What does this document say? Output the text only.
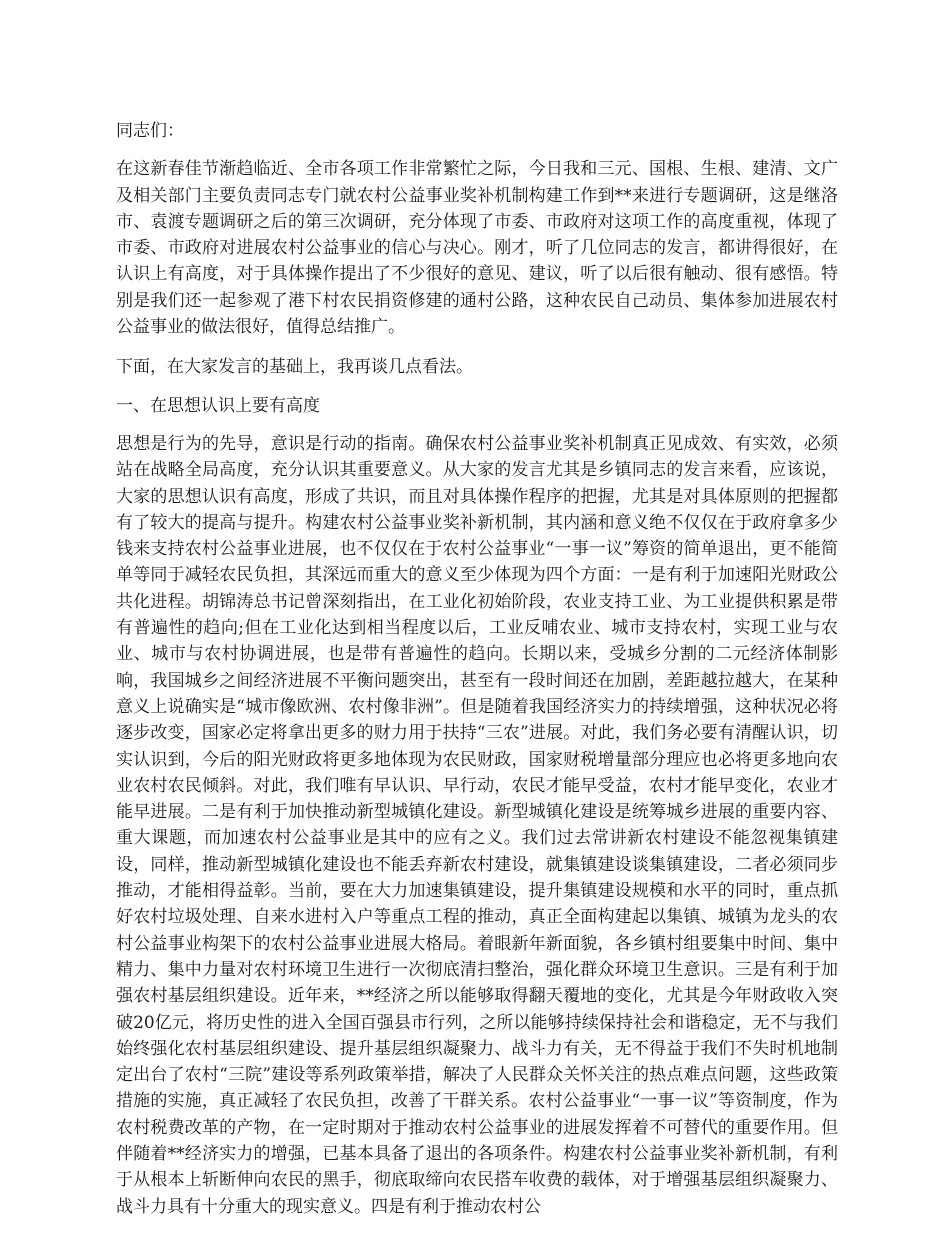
同志们：

在这新春佳节渐趋临近、全市各项工作非常繁忙之际，今日我和三元、国根、生根、建清、文广及相关部门主要负责同志专门就农村公益事业奖补机制构建工作到**来进行专题调研，这是继洛市、袁渡专题调研之后的第三次调研，充分体现了市委、市政府对这项工作的高度重视，体现了市委、市政府对进展农村公益事业的信心与决心。刚才，听了几位同志的发言，都讲得很好，在认识上有高度，对于具体操作提出了不少很好的意见、建议，听了以后很有触动、很有感悟。特别是我们还一起参观了港下村农民捐资修建的通村公路，这种农民自己动员、集体参加进展农村公益事业的做法很好，值得总结推广。

下面，在大家发言的基础上，我再谈几点看法。

一、在思想认识上要有高度

思想是行为的先导，意识是行动的指南。确保农村公益事业奖补机制真正见成效、有实效，必须站在战略全局高度，充分认识其重要意义。从大家的发言尤其是乡镇同志的发言来看，应该说，大家的思想认识有高度，形成了共识，而且对具体操作程序的把握，尤其是对具体原则的把握都有了较大的提高与提升。构建农村公益事业奖补新机制，其内涵和意义绝不仅仅在于政府拿多少钱来支持农村公益事业进展，也不仅仅在于农村公益事业“一事一议”筹资的简单退出，更不能简单等同于减轻农民负担，其深远而重大的意义至少体现为四个方面：一是有利于加速阳光财政公共化进程。胡锦涛总书记曾深刻指出，在工业化初始阶段，农业支持工业、为工业提供积累是带有普遍性的趋向;但在工业化达到相当程度以后，工业反哺农业、城市支持农村，实现工业与农业、城市与农村协调进展，也是带有普遍性的趋向。长期以来，受城乡分割的二元经济体制影响，我国城乡之间经济进展不平衡问题突出，甚至有一段时间还在加剧，差距越拉越大，在某种意义上说确实是“城市像欧洲、农村像非洲”。但是随着我国经济实力的持续增强，这种状况必将逐步改变，国家必定将拿出更多的财力用于扶持“三农”进展。对此，我们务必要有清醒认识，切实认识到，今后的阳光财政将更多地体现为农民财政，国家财税增量部分理应也必将更多地向农业农村农民倾斜。对此，我们唯有早认识、早行动，农民才能早受益，农村才能早变化，农业才能早进展。二是有利于加快推动新型城镇化建设。新型城镇化建设是统筹城乡进展的重要内容、重大课题，而加速农村公益事业是其中的应有之义。我们过去常讲新农村建设不能忽视集镇建设，同样，推动新型城镇化建设也不能丢弃新农村建设，就集镇建设谈集镇建设，二者必须同步推动，才能相得益彰。当前，要在大力加速集镇建设，提升集镇建设规模和水平的同时，重点抓好农村垃圾处理、自来水进村入户等重点工程的推动，真正全面构建起以集镇、城镇为龙头的农村公益事业构架下的农村公益事业进展大格局。着眼新年新面貌，各乡镇村组要集中时间、集中精力、集中力量对农村环境卫生进行一次彻底清扫整治，强化群众环境卫生意识。三是有利于加强农村基层组织建设。近年来，**经济之所以能够取得翻天覆地的变化，尤其是今年财政收入突破20亿元，将历史性的进入全国百强县市行列，之所以能够持续保持社会和谐稳定，无不与我们始终强化农村基层组织建设、提升基层组织凝聚力、战斗力有关，无不得益于我们不失时机地制定出台了农村“三院”建设等系列政策举措，解决了人民群众关怀关注的热点难点问题，这些政策措施的实施，真正减轻了农民负担，改善了干群关系。农村公益事业“一事一议”等资制度，作为农村税费改革的产物，在一定时期对于推动农村公益事业的进展发挥着不可替代的重要作用。但伴随着**经济实力的增强，已基本具备了退出的各项条件。构建农村公益事业奖补新机制，有利于从根本上斩断伸向农民的黑手，彻底取缔向农民搭车收费的载体，对于增强基层组织凝聚力、战斗力具有十分重大的现实意义。四是有利于推动农村公
